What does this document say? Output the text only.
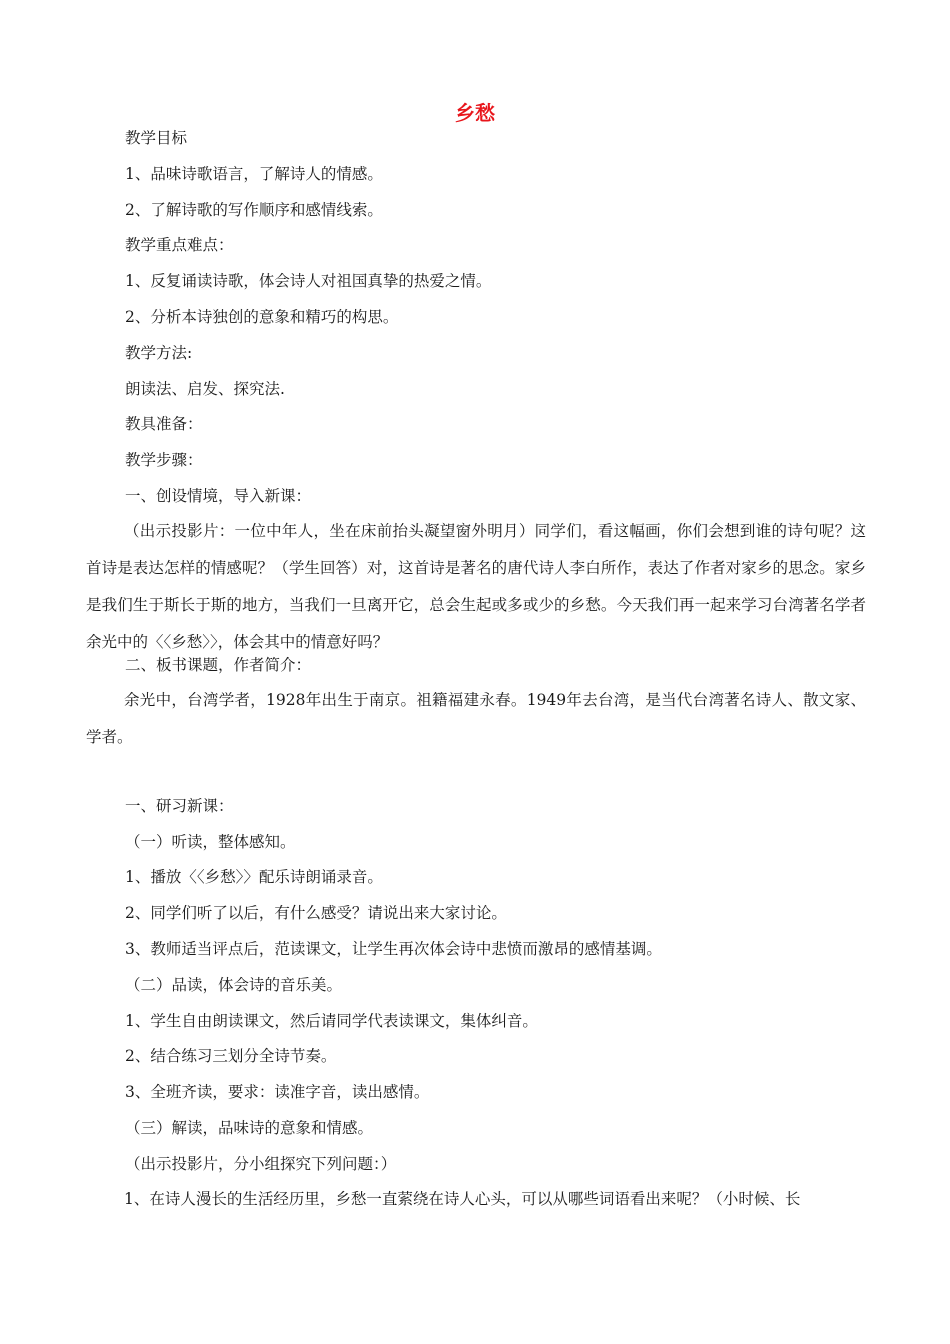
乡愁

教学目标

1、品味诗歌语言，了解诗人的情感。

2、了解诗歌的写作顺序和感情线索。

教学重点难点：

1、反复诵读诗歌，体会诗人对祖国真挚的热爱之情。

2、分析本诗独创的意象和精巧的构思。

教学方法:

朗读法、启发、探究法.

教具准备：

教学步骤：

一、创设情境，导入新课：

（出示投影片：一位中年人，坐在床前抬头凝望窗外明月）同学们，看这幅画，你们会想到谁的诗句呢？这首诗是表达怎样的情感呢？（学生回答）对，这首诗是著名的唐代诗人李白所作，表达了作者对家乡的思念。家乡是我们生于斯长于斯的地方，当我们一旦离开它，总会生起或多或少的乡愁。今天我们再一起来学习台湾著名学者余光中的〈〈乡愁〉〉，体会其中的情意好吗？

二、板书课题，作者简介：

余光中，台湾学者，1928年出生于南京。祖籍福建永春。1949年去台湾，是当代台湾著名诗人、散文家、学者。

一、研习新课：

（一）听读，整体感知。

1、播放〈〈乡愁〉〉配乐诗朗诵录音。

2、同学们听了以后，有什么感受？请说出来大家讨论。

3、教师适当评点后，范读课文，让学生再次体会诗中悲愤而激昂的感情基调。

（二）品读，体会诗的音乐美。

1、学生自由朗读课文，然后请同学代表读课文，集体纠音。

2、结合练习三划分全诗节奏。

3、全班齐读，要求：读准字音，读出感情。

（三）解读，品味诗的意象和情感。

（出示投影片，分小组探究下列问题：）

1、在诗人漫长的生活经历里，乡愁一直萦绕在诗人心头，可以从哪些词语看出来呢？（小时候、长
